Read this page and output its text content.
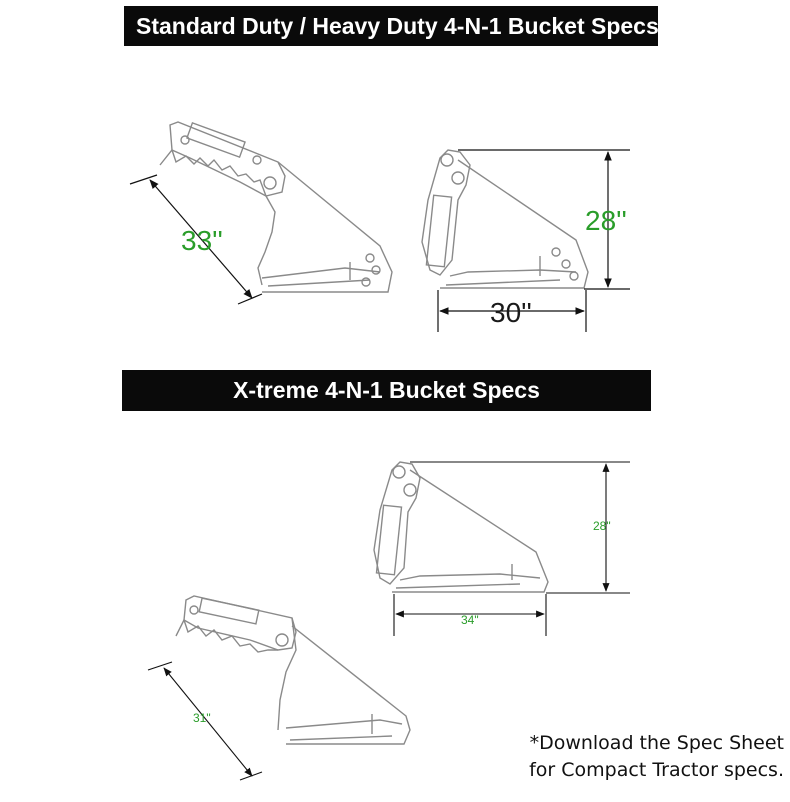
Standard Duty / Heavy Duty 4-N-1 Bucket Specs
X-treme 4-N-1 Bucket Specs
33''
28''
30''
28"
34"
31"
*Download the Spec Sheet
for Compact Tractor specs.
